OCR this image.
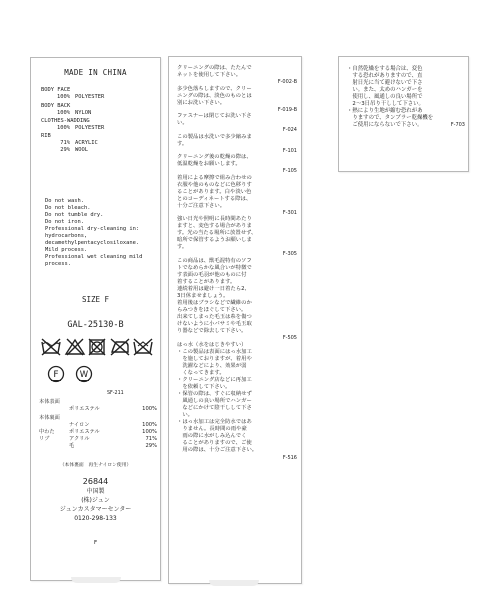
MADE IN CHINA
BODY FACE
100% POLYESTER
BODY BACK
100% NYLON
CLOTHES-WADDING
100% POLYESTER
RIB
71% ACRYLIC
29% WOOL
Do not wash.
Do not bleach.
Do not tumble dry.
Do not iron.
Professional dry-cleaning in:
hydrocarbons,
decamethylpentacyclosiloxane.
Mild process.
Professional wet cleaning mild
process.
SIZE F
GAL-25130-B
F W
SF-211
本体表面
ポリエステル	100%
本体裏面
ナイロン	100%
中わた	ポリエステル	100%
リブ	アクリル	71%
毛	29%
（本体裏面　再生ナイロン使用）
26844
中国製
(株)ジュン
ジュンカスタマーセンター
0120-298-133
F
クリーニングの際は、たたんで
ネットを使用して下さい。
F-002-B
多少色落ちしますので、クリー
ニングの際は、淡色のものとは
別にお洗い下さい。
F-019-B
ファスナーは閉じてお洗い下さ
い。
F-024
この製品は水洗いで多少縮みま
す。
F-101
クリーニング後の乾燥の際は、
低温乾燥をお願いします。
F-105
着用による摩擦で組み合わせの
衣服や他のものなどに色移りす
ることがあります。白や淡い色
とのコーディネートする際は、
十分ご注意下さい。
F-301
強い日光や照明に長時間あたり
ますと、変色する場合がありま
す。光の当たる場所に放置せず、
暗所で保管するようお願いしま
す。
F-305
この商品は、獣毛混特有のソフ
トでなめらかな風合いが特徴で
す表面の毛羽が他のものに付
着することがあります。
連続着用は避け一日着たら2、
3日休ませましょう。
着用後はブラシなどで繊維のか
らみつきをほぐして下さい。
出来てしまった毛玉は糸を傷つ
けないように小バサミや毛玉取
り器などで除去して下さい。
F-505
はっ水（水をはじきやすい）
・この製品は表面にはっ水加工
　を施しておりますが、着用や
　洗濯などにより、効果が弱
　くなってきます。
・クリーニング店などに再加工
　を依頼して下さい。
・保管の際は、すぐに収納せず
　風通しの良い場所でハンガー
　などにかけて陰干しして下さ
　い。
・はっ水加工は完全防水ではあ
　りません。長時間の雨や豪
　雨の際に水がしみ込んでく
　ることがありますので、ご使
　用の際は、十分ご注意下さい。
F-516
・自然乾燥をする場合は、変色
　する恐れがありますので、直
　射日光に当て避けないで下さ
　い。また、太めのハンガーを
　使用し、風通しの良い場所で
　2～3日吊り干しして下さい。
・熱により生地が縮む恐れがあ
　りますので、タンブラー乾燥機を
　ご使用にならないで下さい。	F-703
